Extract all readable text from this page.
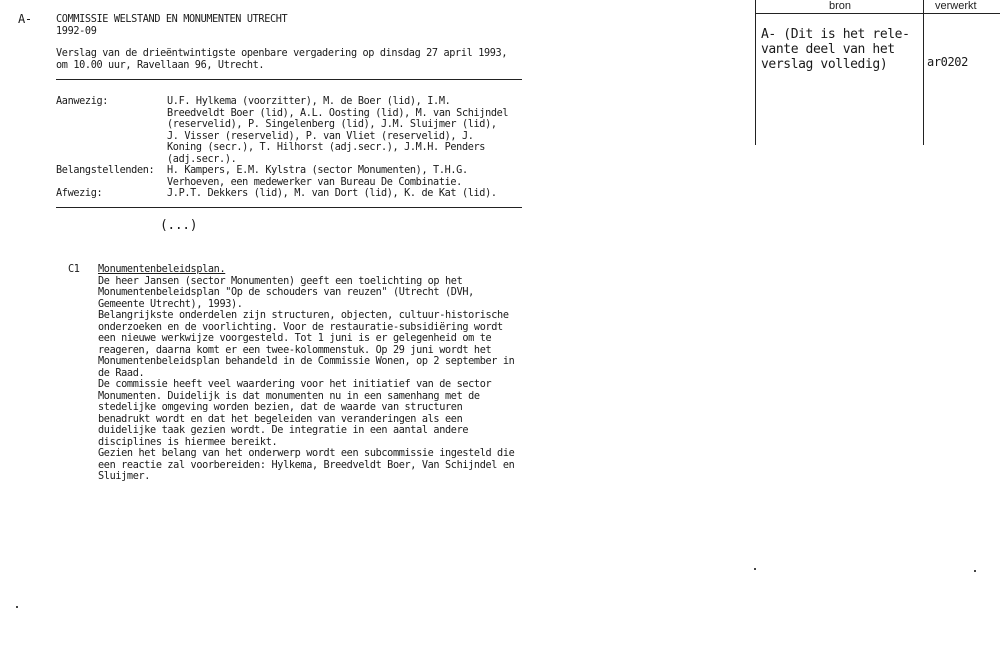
A- COMMISSIE WELSTAND EN MONUMENTEN UTRECHT
1992-09
Verslag van de drieëntwintigste openbare vergadering op dinsdag 27 april 1993,
om 10.00 uur, Ravellaan 96, Utrecht.
Aanwezig:	U.F. Hylkema (voorzitter), M. de Boer (lid), I.M.
Breedveldt Boer (lid), A.L. Oosting (lid), M. van Schijndel
(reservelid), P. Singelenberg (lid), J.M. Sluijmer (lid),
J. Visser (reservelid), P. van Vliet (reservelid), J.
Koning (secr.), T. Hilhorst (adj.secr.), J.M.H. Penders
(adj.secr.).
Belangstellenden: H. Kampers, E.M. Kylstra (sector Monumenten), T.H.G.
Verhoeven, een medewerker van Bureau De Combinatie.
Afwezig:	J.P.T. Dekkers (lid), M. van Dort (lid), K. de Kat (lid).
(...)
C1 Monumentenbeleidsplan.
De heer Jansen (sector Monumenten) geeft een toelichting op het
Monumentenbeleidsplan "Op de schouders van reuzen" (Utrecht (DVH,
Gemeente Utrecht), 1993).
Belangrijkste onderdelen zijn structuren, objecten, cultuur-historische
onderzoeken en de voorlichting. Voor de restauratie-subsidiëring wordt
een nieuwe werkwijze voorgesteld. Tot 1 juni is er gelegenheid om te
reageren, daarna komt er een twee-kolommenstuk. Op 29 juni wordt het
Monumentenbeleidsplan behandeld in de Commissie Wonen, op 2 september in
de Raad.
De commissie heeft veel waardering voor het initiatief van de sector
Monumenten. Duidelijk is dat monumenten nu in een samenhang met de
stedelijke omgeving worden bezien, dat de waarde van structuren
benadrukt wordt en dat het begeleiden van veranderingen als een
duidelijke taak gezien wordt. De integratie in een aantal andere
disciplines is hiermee bereikt.
Gezien het belang van het onderwerp wordt een subcommissie ingesteld die
een reactie zal voorbereiden: Hylkema, Breedveldt Boer, Van Schijndel en
Sluijmer.
bron	verwerkt
A- (Dit is het rele-
vante deel van het
verslag volledig)	ar0202
